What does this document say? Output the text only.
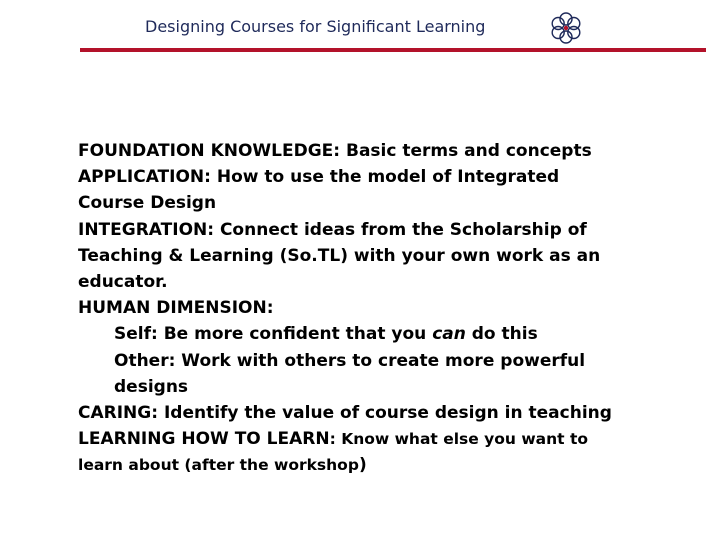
Designing Courses for Significant Learning
FOUNDATION KNOWLEDGE: Basic terms and concepts
APPLICATION: How to use the model of Integrated
Course Design
INTEGRATION: Connect ideas from the Scholarship of
Teaching & Learning (So.TL) with your own work as an
educator.
HUMAN DIMENSION:
Self: Be more confident that you can do this
Other: Work with others to create more powerful
designs
CARING: Identify the value of course design in teaching
LEARNING HOW TO LEARN: Know what else you want to
learn about (after the workshop)
